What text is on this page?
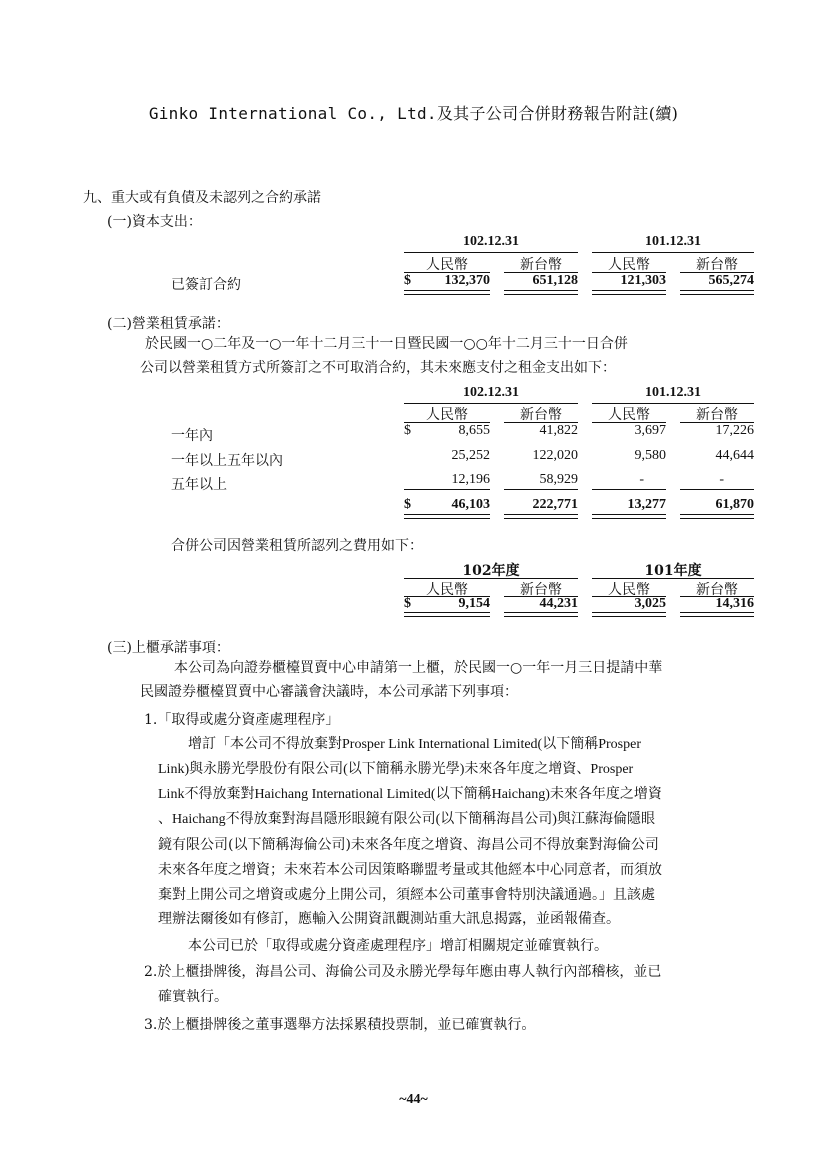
Ginko International Co., Ltd.及其子公司合併財務報告附註(續)
九、重大或有負債及未認列之合約承諾
(一)資本支出：
102.12.31	101.12.31
人民幣	新台幣	人民幣	新台幣
已簽訂合約	$	132,370	651,128	121,303	565,274
(二)營業租賃承諾：
於民國一○二年及一○一年十二月三十一日暨民國一○○年十二月三十一日合併
公司以營業租賃方式所簽訂之不可取消合約，其未來應支付之租金支出如下：
102.12.31	101.12.31
人民幣	新台幣	人民幣	新台幣
一年內	$	8,655	41,822	3,697	17,226
一年以上五年以內	25,252	122,020	9,580	44,644
五年以上	12,196	58,929	-	-
$	46,103	222,771	13,277	61,870
合併公司因營業租賃所認列之費用如下：
102年度	101年度
人民幣	新台幣	人民幣	新台幣
$	9,154	44,231	3,025	14,316
(三)上櫃承諾事項：
本公司為向證券櫃檯買賣中心申請第一上櫃，於民國一○一年一月三日提請中華
民國證券櫃檯買賣中心審議會決議時，本公司承諾下列事項：
1.「取得或處分資產處理程序」
增訂「本公司不得放棄對Prosper Link International Limited(以下簡稱Prosper
Link)與永勝光學股份有限公司(以下簡稱永勝光學)未來各年度之增資、Prosper
Link不得放棄對Haichang International Limited(以下簡稱Haichang)未來各年度之增資
、Haichang不得放棄對海昌隱形眼鏡有限公司(以下簡稱海昌公司)與江蘇海倫隱眼
鏡有限公司(以下簡稱海倫公司)未來各年度之增資、海昌公司不得放棄對海倫公司
未來各年度之增資；未來若本公司因策略聯盟考量或其他經本中心同意者，而須放
棄對上開公司之增資或處分上開公司，須經本公司董事會特別決議通過。」且該處
理辦法爾後如有修訂，應輸入公開資訊觀測站重大訊息揭露，並函報備查。
本公司已於「取得或處分資產處理程序」增訂相關規定並確實執行。
2.於上櫃掛牌後，海昌公司、海倫公司及永勝光學每年應由專人執行內部稽核，並已
確實執行。
3.於上櫃掛牌後之董事選舉方法採累積投票制，並已確實執行。
~44~
